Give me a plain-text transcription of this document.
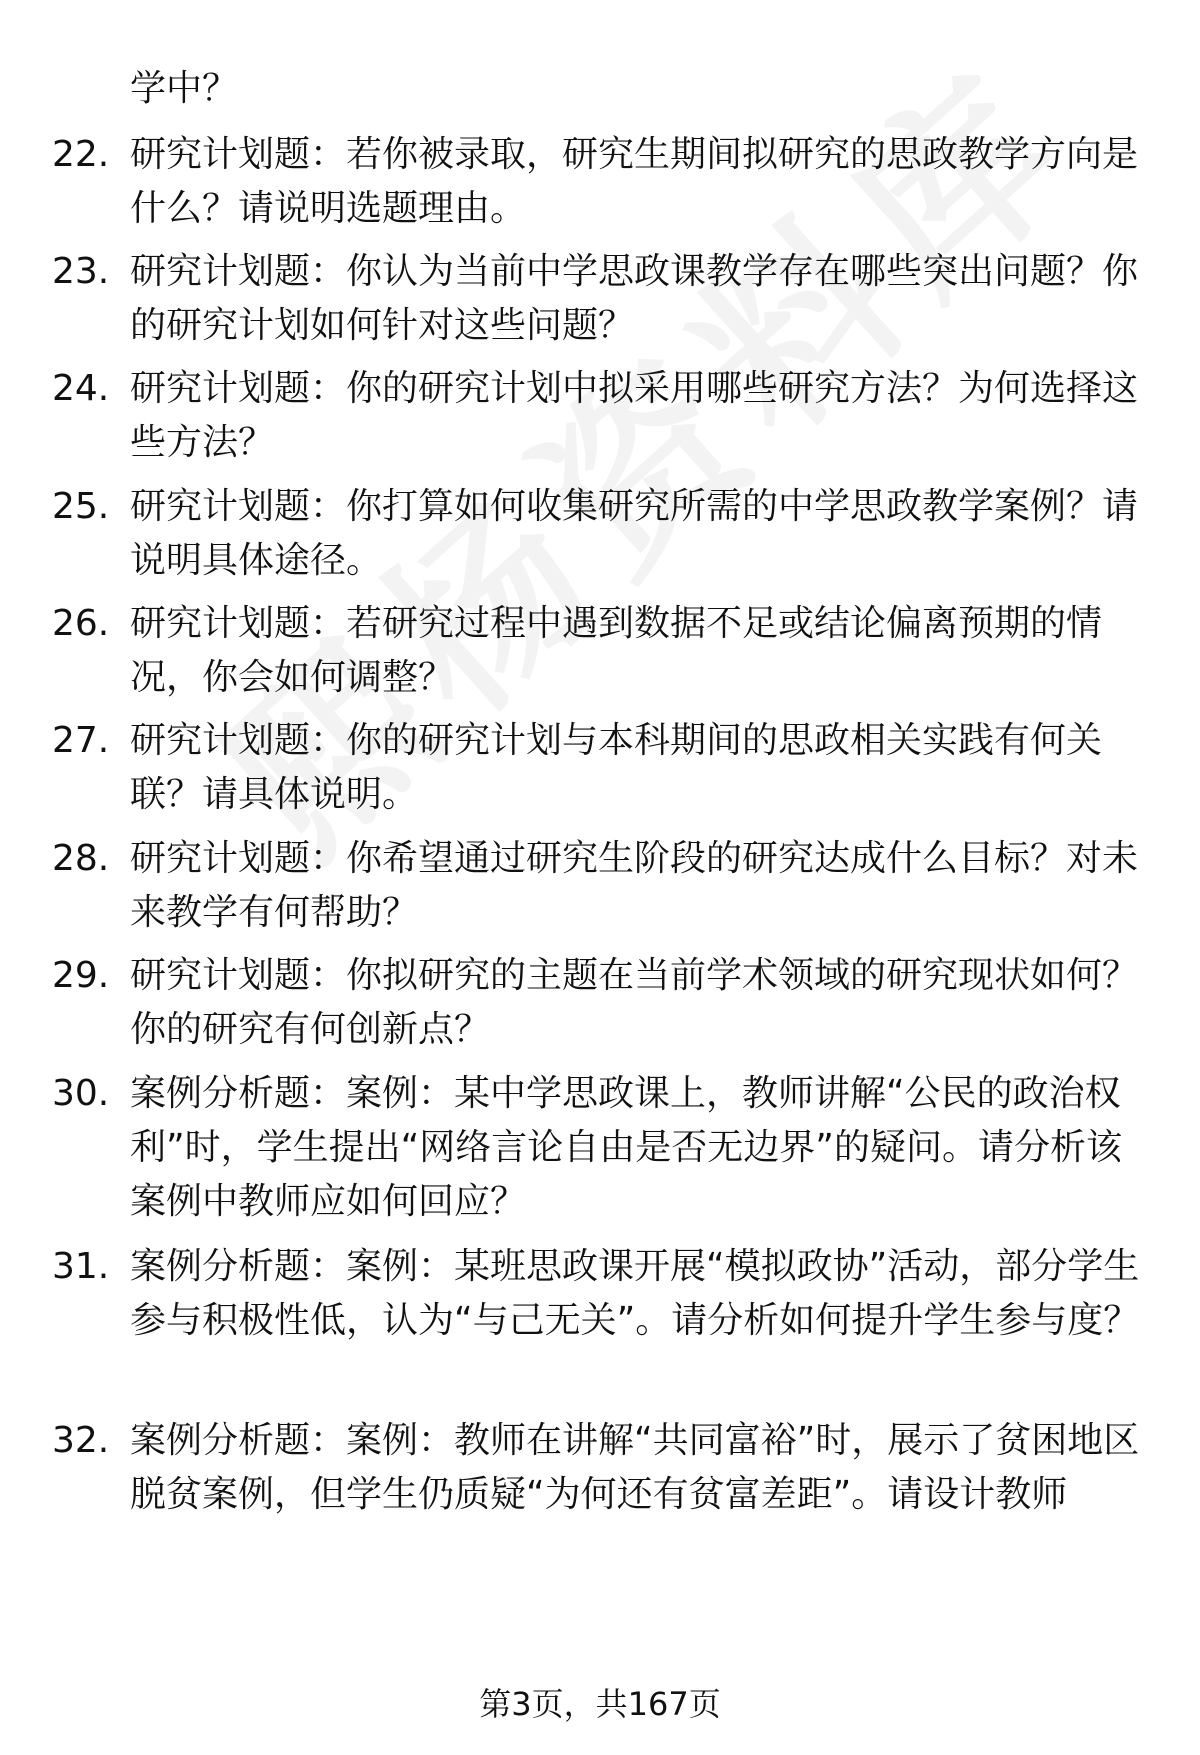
学中？
22. 研究计划题：若你被录取，研究生期间拟研究的思政教学方向是什么？请说明选题理由。
23. 研究计划题：你认为当前中学思政课教学存在哪些突出问题？你的研究计划如何针对这些问题？
24. 研究计划题：你的研究计划中拟采用哪些研究方法？为何选择这些方法？
25. 研究计划题：你打算如何收集研究所需的中学思政教学案例？请说明具体途径。
26. 研究计划题：若研究过程中遇到数据不足或结论偏离预期的情况，你会如何调整？
27. 研究计划题：你的研究计划与本科期间的思政相关实践有何关联？请具体说明。
28. 研究计划题：你希望通过研究生阶段的研究达成什么目标？对未来教学有何帮助？
29. 研究计划题：你拟研究的主题在当前学术领域的研究现状如何？你的研究有何创新点？
30. 案例分析题：案例：某中学思政课上，教师讲解“公民的政治权利”时，学生提出“网络言论自由是否无边界”的疑问。请分析该案例中教师应如何回应？
31. 案例分析题：案例：某班思政课开展“模拟政协”活动，部分学生参与积极性低，认为“与己无关”。请分析如何提升学生参与度？
32. 案例分析题：案例：教师在讲解“共同富裕”时，展示了贫困地区脱贫案例，但学生仍质疑“为何还有贫富差距”。请设计教师
第3页，共167页
